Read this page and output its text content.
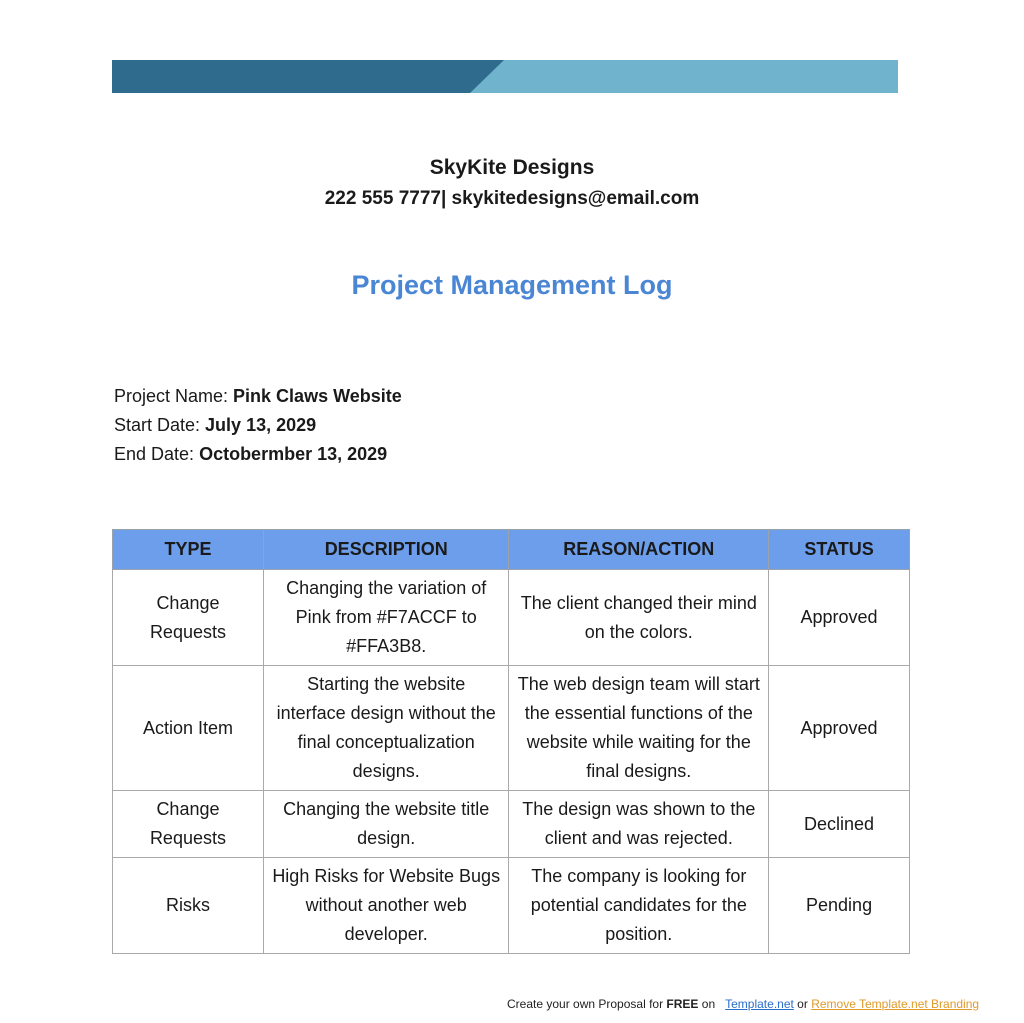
SkyKite Designs
222 555 7777| skykitedesigns@email.com
Project Management Log
Project Name: Pink Claws Website
Start Date: July 13, 2029
End Date: Octobermber 13, 2029
TYPE	DESCRIPTION	REASON/ACTION	STATUS
Change Requests	Changing the variation of Pink from #F7ACCF to #FFA3B8.	The client changed their mind on the colors.	Approved
Action Item	Starting the website interface design without the final conceptualization designs.	The web design team will start the essential functions of the website while waiting for the final designs.	Approved
Change Requests	Changing the website title design.	The design was shown to the client and was rejected.	Declined
Risks	High Risks for Website Bugs without another web developer.	The company is looking for potential candidates for the position.	Pending
Create your own Proposal for FREE on Template.net or Remove Template.net Branding
